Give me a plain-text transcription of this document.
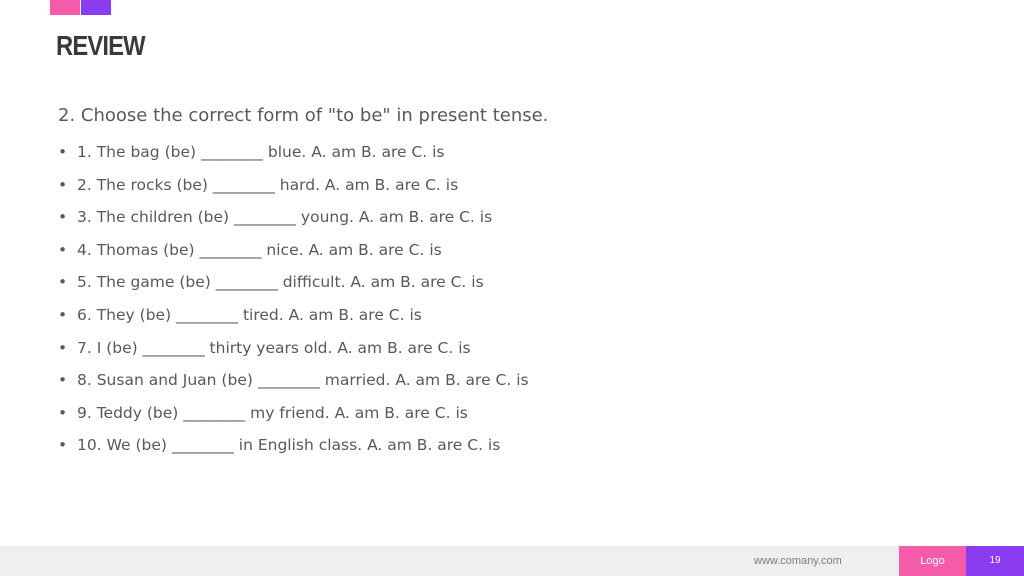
REVIEW

2. Choose the correct form of "to be" in present tense.

• 1. The bag (be) ________ blue. A. am B. are C. is
• 2. The rocks (be) ________ hard. A. am B. are C. is
• 3. The children (be) ________ young. A. am B. are C. is
• 4. Thomas (be) ________ nice. A. am B. are C. is
• 5. The game (be) ________ difficult. A. am B. are C. is
• 6. They (be) ________ tired. A. am B. are C. is
• 7. I (be) ________ thirty years old. A. am B. are C. is
• 8. Susan and Juan (be) ________ married. A. am B. are C. is
• 9. Teddy (be) ________ my friend. A. am B. are C. is
• 10. We (be) ________ in English class. A. am B. are C. is
www.comany.com	Logo	19
